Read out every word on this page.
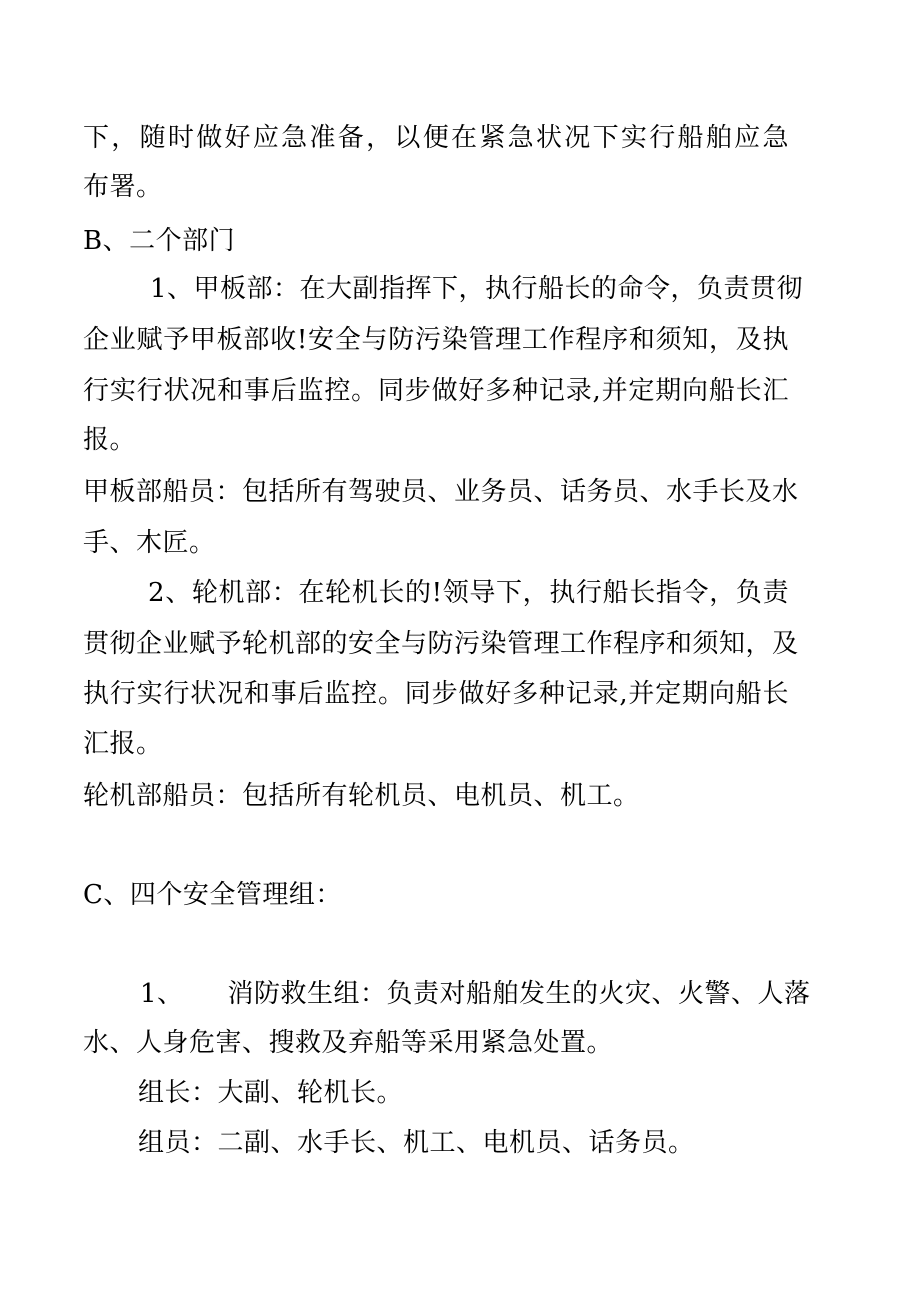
下，随时做好应急准备，以便在紧急状况下实行船舶应急
布署。
B、二个部门
1、甲板部：在大副指挥下，执行船长的命令，负责贯彻
企业赋予甲板部收!安全与防污染管理工作程序和须知，及执
行实行状况和事后监控。同步做好多种记录,并定期向船长汇
报。
甲板部船员：包括所有驾驶员、业务员、话务员、水手长及水
手、木匠。
2、轮机部：在轮机长的!领导下，执行船长指令，负责
贯彻企业赋予轮机部的安全与防污染管理工作程序和须知，及
执行实行状况和事后监控。同步做好多种记录,并定期向船长
汇报。
轮机部船员：包括所有轮机员、电机员、机工。
C、四个安全管理组：
1、 消防救生组：负责对船舶发生的火灾、火警、人落
水、人身危害、搜救及弃船等采用紧急处置。
组长：大副、轮机长。
组员：二副、水手长、机工、电机员、话务员。
